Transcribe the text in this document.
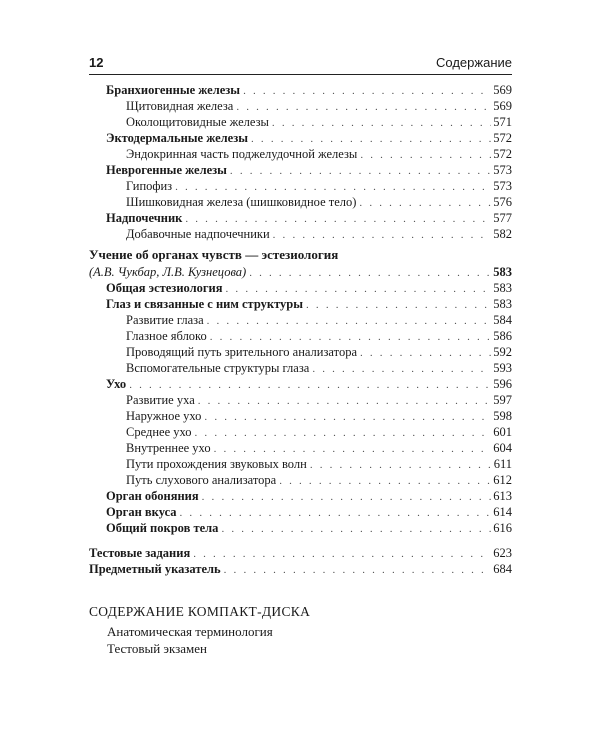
12	Содержание
Бранхиогенные железы . . .	569
Щитовидная железа . . .	569
Околощитовидные железы . . .	571
Эктодермальные железы . . .	572
Эндокринная часть поджелудочной железы . . .	572
Неврогенные железы . . .	573
Гипофиз . . .	573
Шишковидная железа (шишковидное тело) . . .	576
Надпочечник . . .	577
Добавочные надпочечники . . .	582
Учение об органах чувств — эстезиология
(А.В. Чукбар, Л.В. Кузнецова) . . .	583
Общая эстезиология . . .	583
Глаз и связанные с ним структуры . . .	583
Развитие глаза . . .	584
Глазное яблоко . . .	586
Проводящий путь зрительного анализатора . . .	592
Вспомогательные структуры глаза . . .	593
Ухо . . .	596
Развитие уха . . .	597
Наружное ухо . . .	598
Среднее ухо . . .	601
Внутреннее ухо . . .	604
Пути прохождения звуковых волн . . .	611
Путь слухового анализатора . . .	612
Орган обоняния . . .	613
Орган вкуса . . .	614
Общий покров тела . . .	616
Тестовые задания . . .	623
Предметный указатель . . .	684
СОДЕРЖАНИЕ КОМПАКТ-ДИСКА
Анатомическая терминология
Тестовый экзамен
